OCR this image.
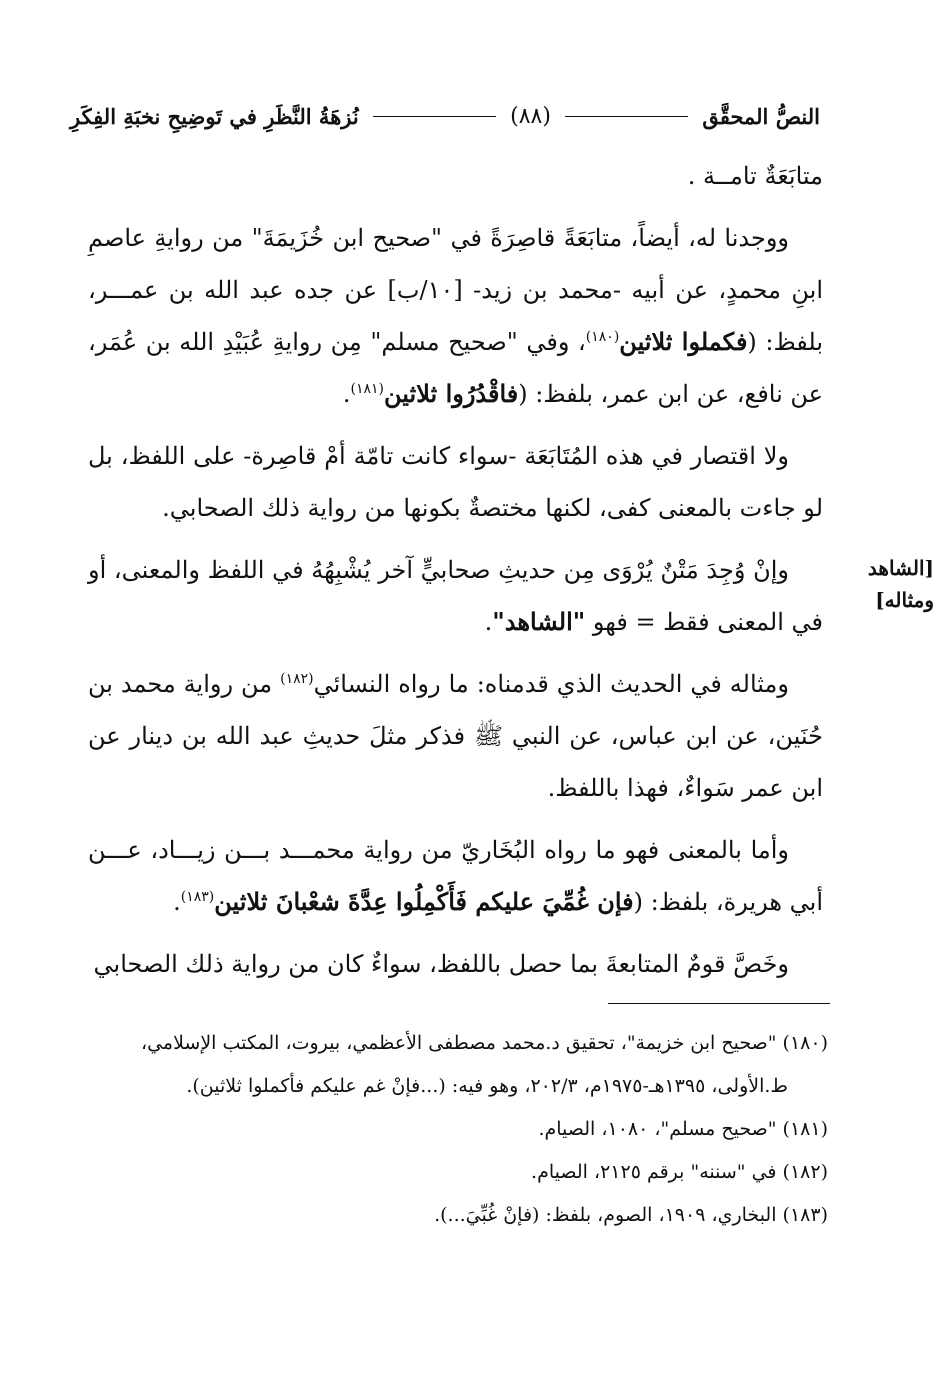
النصُّ المحقَّق
(٨٨)
نُزهَةُ النَّظَرِ في تَوضِيحِ نخبَةِ الفِكَرِ
[الشاهد
ومثاله]

متابَعَةٌ تامــة .

ووجدنا له، أيضاً، متابَعَةً قاصِرَةً في "صحيح ابن خُزَيمَةَ" من روايةِ عاصمِ ابنِ محمدٍ، عن أبيه -محمد بن زيد- [١٠/ب] عن جده عبد الله بن عمـــر، بلفظ: (فكملوا ثلاثين$^{(١٨٠)}$، وفي "صحيح مسلم" مِن روايةِ عُبَيْدِ الله بن عُمَر، عن نافع، عن ابن عمر، بلفظ: (فاقْدُرُوا ثلاثين$^{(١٨١)}$.

ولا اقتصار في هذه المُتَابَعَة -سواء كانت تامّة أمْ قاصِرة- على اللفظ، بل لو جاءت بالمعنى كفى، لكنها مختصةٌ بكونها من رواية ذلك الصحابي.

وإنْ وُجِدَ مَتْنٌ يُرْوَى مِن حديثِ صحابيٍّ آخر يُشْبِهُهُ في اللفظ والمعنى، أو في المعنى فقط = فهو "الشاهد".

ومثاله في الحديث الذي قدمناه: ما رواه النسائي$^{(١٨٢)}$ من رواية محمد بن حُنَين، عن ابن عباس، عن النبي ﷺ فذكر مثلَ حديثِ عبد الله بن دينار عن ابن عمر سَواءٌ، فهذا باللفظ.

وأما بالمعنى فهو ما رواه البُخَاريّ من رواية محمـــد بـــن زيـــاد، عـــن أبي هريرة، بلفظ: (فإن غُمِّيَ عليكم فَأَكْمِلُوا عِدَّةَ شعْبانَ ثلاثين$^{(١٨٣)}$.

وخَصَّ قومٌ المتابعةَ بما حصل باللفظ، سواءٌ كان من رواية ذلك الصحابي

(١٨٠) "صحيح ابن خزيمة"، تحقيق د.محمد مصطفى الأعظمي، بيروت، المكتب الإسلامي،
ط.الأولى، ١٣٩٥هـ-١٩٧٥م، ٢٠٢/٣، وهو فيه: (...فإنْ غم عليكم فأكملوا ثلاثين).
(١٨١) "صحيح مسلم"، ١٠٨٠، الصيام.
(١٨٢) في "سننه" برقم ٢١٢٥، الصيام.
(١٨٣) البخاري، ١٩٠٩، الصوم، بلفظ: (فإنْ غُبِّيَ...).
